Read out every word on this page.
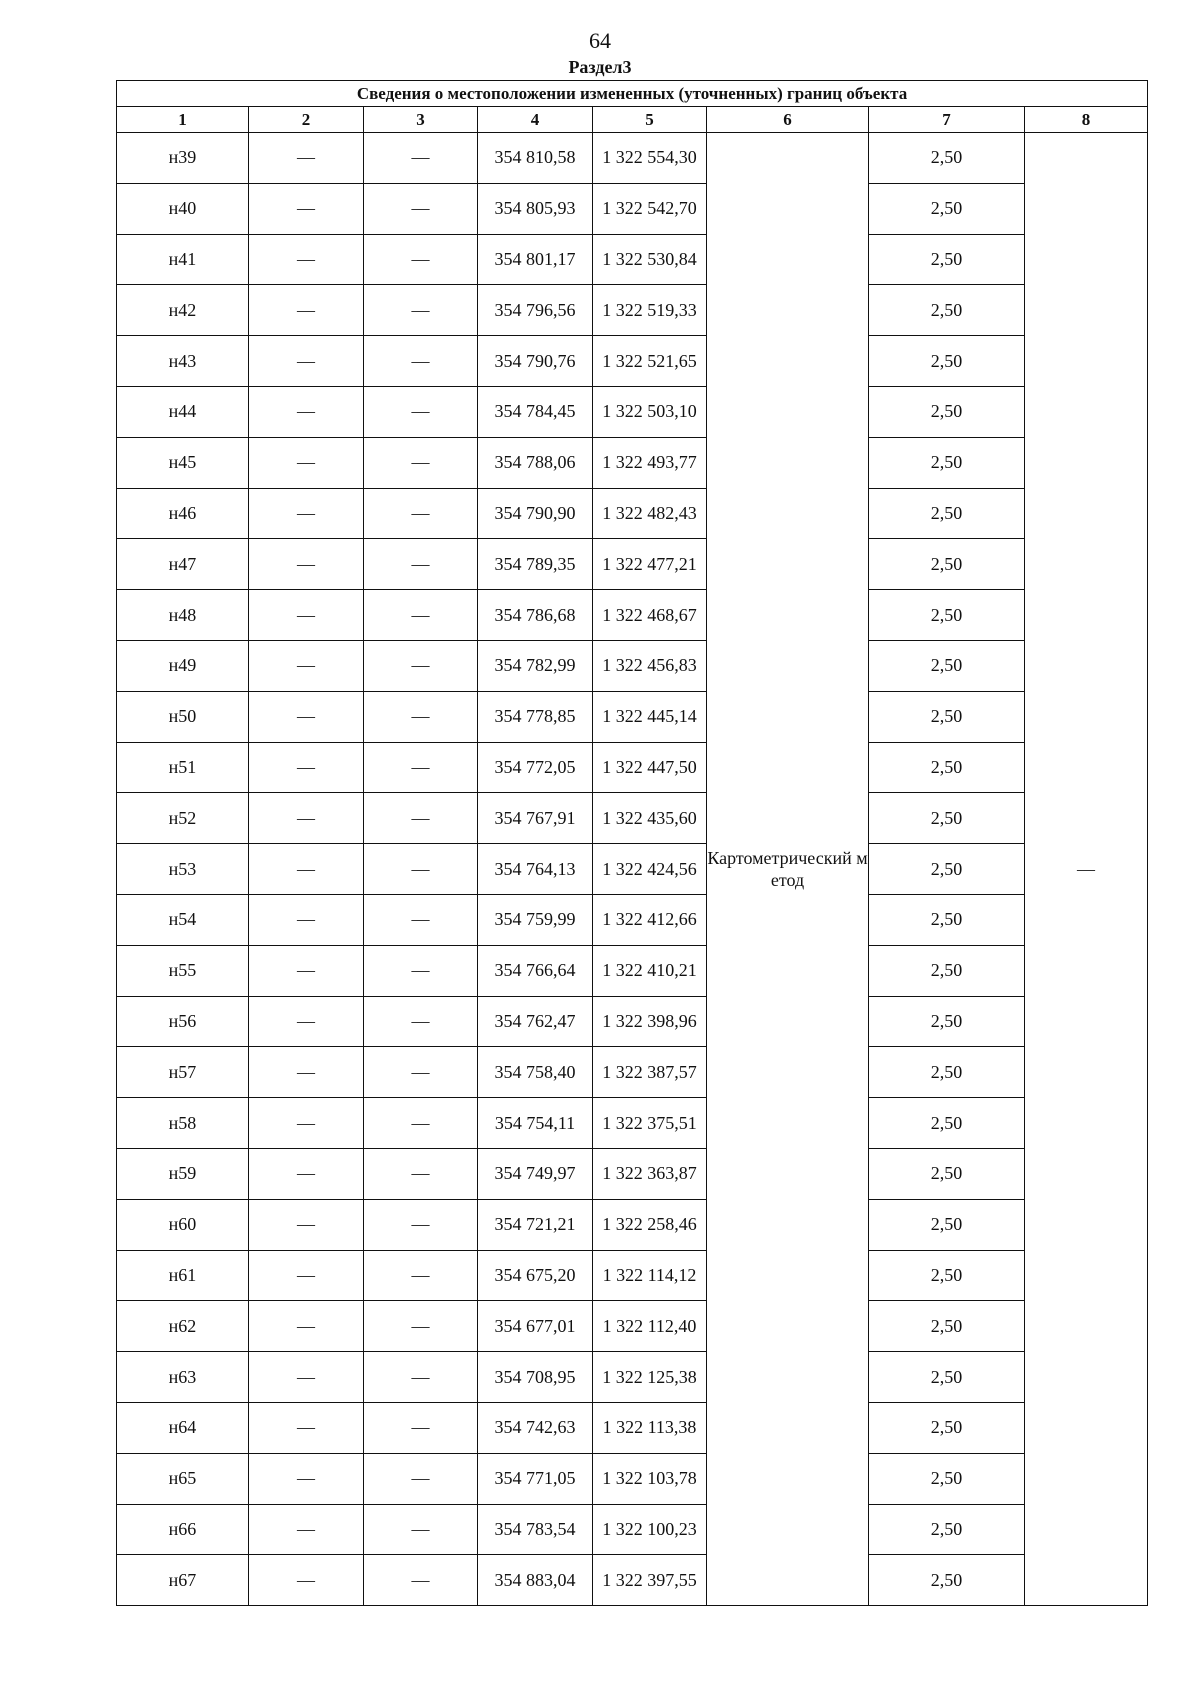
64
Раздел3
Сведения о местоположении измененных (уточненных) границ объекта							
1	2	3	4	5	6	7	8
н39	—	—	354 810,58	1 322 554,30	Картометрический метод	2,50	—
н40	—	—	354 805,93	1 322 542,70		2,50	
н41	—	—	354 801,17	1 322 530,84		2,50	
н42	—	—	354 796,56	1 322 519,33		2,50	
н43	—	—	354 790,76	1 322 521,65		2,50	
н44	—	—	354 784,45	1 322 503,10		2,50	
н45	—	—	354 788,06	1 322 493,77		2,50	
н46	—	—	354 790,90	1 322 482,43		2,50	
н47	—	—	354 789,35	1 322 477,21		2,50	
н48	—	—	354 786,68	1 322 468,67		2,50	
н49	—	—	354 782,99	1 322 456,83		2,50	
н50	—	—	354 778,85	1 322 445,14		2,50	
н51	—	—	354 772,05	1 322 447,50		2,50	
н52	—	—	354 767,91	1 322 435,60		2,50	
н53	—	—	354 764,13	1 322 424,56		2,50	
н54	—	—	354 759,99	1 322 412,66		2,50	
н55	—	—	354 766,64	1 322 410,21		2,50	
н56	—	—	354 762,47	1 322 398,96		2,50	
н57	—	—	354 758,40	1 322 387,57		2,50	
н58	—	—	354 754,11	1 322 375,51		2,50	
н59	—	—	354 749,97	1 322 363,87		2,50	
н60	—	—	354 721,21	1 322 258,46		2,50	
н61	—	—	354 675,20	1 322 114,12		2,50	
н62	—	—	354 677,01	1 322 112,40		2,50	
н63	—	—	354 708,95	1 322 125,38		2,50	
н64	—	—	354 742,63	1 322 113,38		2,50	
н65	—	—	354 771,05	1 322 103,78		2,50	
н66	—	—	354 783,54	1 322 100,23		2,50	
н67	—	—	354 883,04	1 322 397,55		2,50	
